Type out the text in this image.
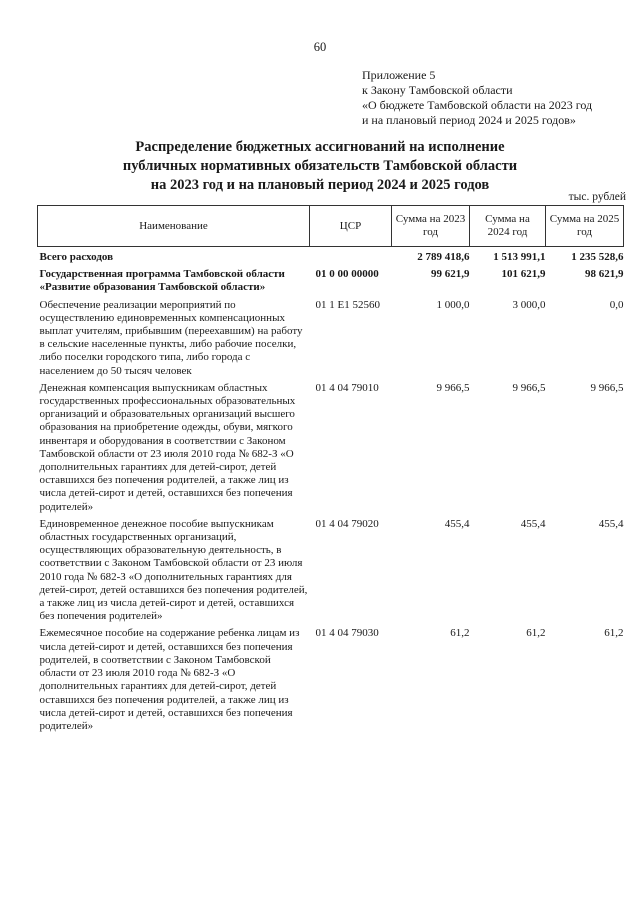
60
Приложение 5
к Закону Тамбовской области
«О бюджете Тамбовской области на 2023 год
и на плановый период 2024 и 2025 годов»
Распределение бюджетных ассигнований на исполнение
публичных нормативных обязательств Тамбовской области
на 2023 год и на плановый период 2024 и 2025 годов
тыс. рублей
Наименование	ЦСР	Сумма на 2023 год	Сумма на 2024 год	Сумма на 2025 год
Всего расходов		2 789 418,6	1 513 991,1	1 235 528,6
Государственная программа Тамбовской области «Развитие образования Тамбовской области»	01 0 00 00000	99 621,9	101 621,9	98 621,9
Обеспечение реализации мероприятий по осуществлению единовременных компенсационных выплат учителям, прибывшим (переехавшим) на работу в сельские населенные пункты, либо рабочие поселки, либо поселки городского типа, либо города с населением до 50 тысяч человек	01 1 E1 52560	1 000,0	3 000,0	0,0
Денежная компенсация выпускникам областных государственных профессиональных образовательных организаций и образовательных организаций высшего образования на приобретение одежды, обуви, мягкого инвентаря и оборудования в соответствии с Законом Тамбовской области от 23 июля 2010 года № 682-З «О дополнительных гарантиях для детей-сирот, детей оставшихся без попечения родителей, а также лиц из числа детей-сирот и детей, оставшихся без попечения родителей»	01 4 04 79010	9 966,5	9 966,5	9 966,5
Единовременное денежное пособие выпускникам областных государственных организаций, осуществляющих образовательную деятельность, в соответствии с Законом Тамбовской области от 23 июля 2010 года № 682-З «О дополнительных гарантиях для детей-сирот, детей оставшихся без попечения родителей, а также лиц из числа детей-сирот и детей, оставшихся без попечения родителей»	01 4 04 79020	455,4	455,4	455,4
Ежемесячное пособие на содержание ребенка лицам из числа детей-сирот и детей, оставшихся без попечения родителей, в соответствии с Законом Тамбовской области от 23 июля 2010 года № 682-З «О дополнительных гарантиях для детей-сирот, детей оставшихся без попечения родителей, а также лиц из числа детей-сирот и детей, оставшихся без попечения родителей»	01 4 04 79030	61,2	61,2	61,2
